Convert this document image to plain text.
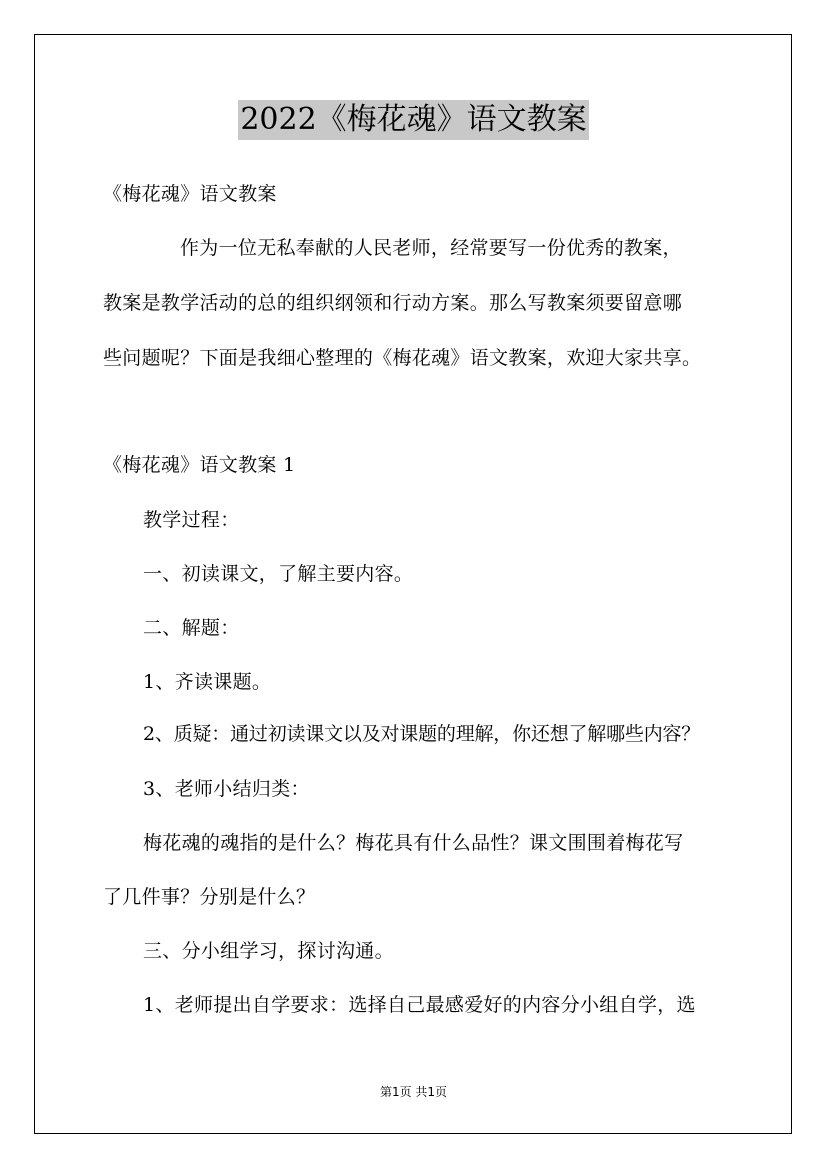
2022《梅花魂》语文教案
《梅花魂》语文教案
作为一位无私奉献的人民老师，经常要写一份优秀的教案，
教案是教学活动的总的组织纲领和行动方案。那么写教案须要留意哪
些问题呢？下面是我细心整理的《梅花魂》语文教案，欢迎大家共享。
《梅花魂》语文教案 1
教学过程：
一、初读课文，了解主要内容。
二、解题：
1、齐读课题。
2、质疑：通过初读课文以及对课题的理解，你还想了解哪些内容？
3、老师小结归类：
梅花魂的魂指的是什么？梅花具有什么品性？课文围围着梅花写
了几件事？分别是什么？
三、分小组学习，探讨沟通。
1、老师提出自学要求：选择自己最感爱好的内容分小组自学，选
第1页 共1页
